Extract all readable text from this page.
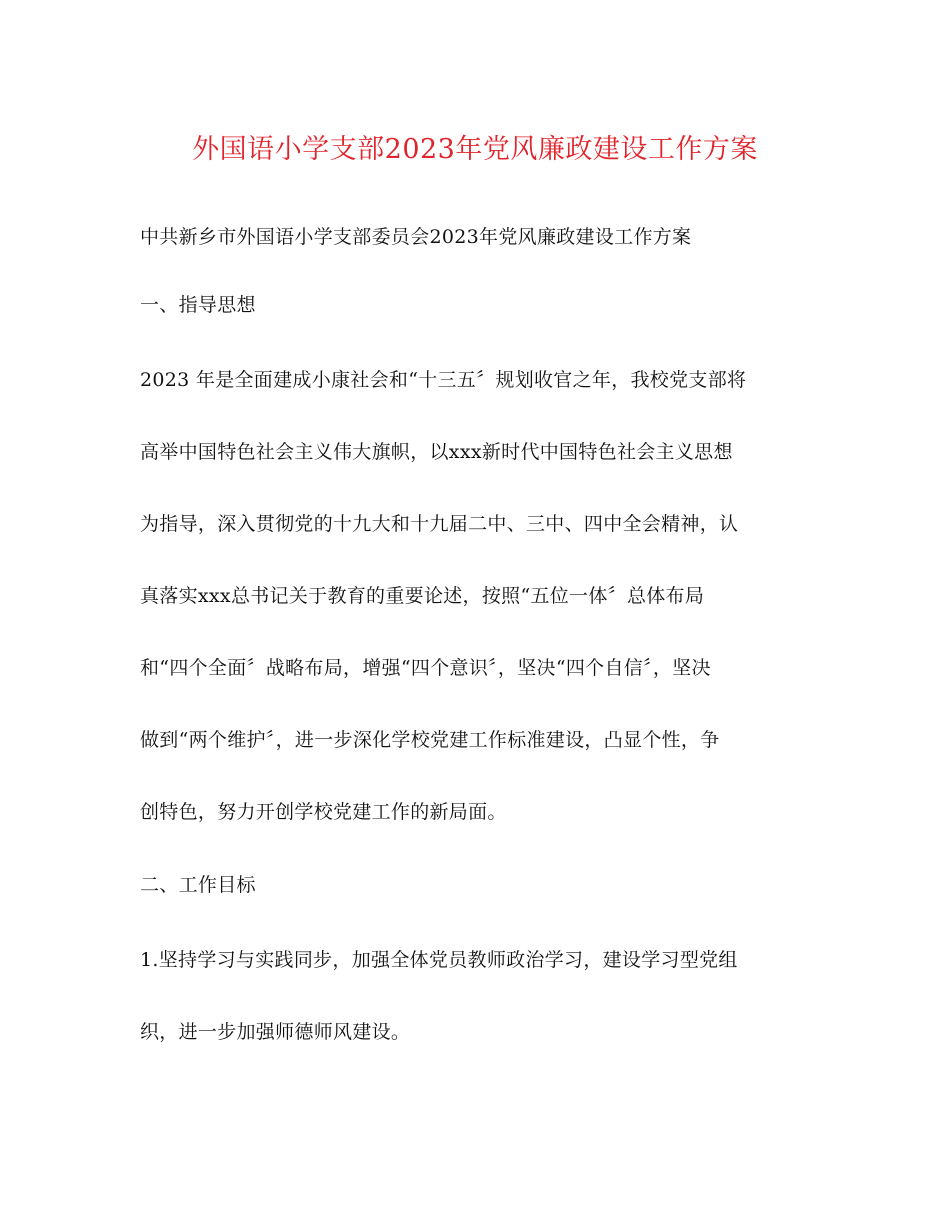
外国语小学支部2023年党风廉政建设工作方案
中共新乡市外国语小学支部委员会2023年党风廉政建设工作方案
一、指导思想
2023 年是全面建成小康社会和“十三五〞规划收官之年，我校党支部将
高举中国特色社会主义伟大旗帜，以xxx新时代中国特色社会主义思想
为指导，深入贯彻党的十九大和十九届二中、三中、四中全会精神，认
真落实xxx总书记关于教育的重要论述，按照“五位一体〞总体布局
和“四个全面〞战略布局，增强“四个意识〞，坚决“四个自信〞，坚决
做到“两个维护〞，进一步深化学校党建工作标准建设，凸显个性，争
创特色，努力开创学校党建工作的新局面。
二、工作目标
1.坚持学习与实践同步，加强全体党员教师政治学习，建设学习型党组
织，进一步加强师德师风建设。
